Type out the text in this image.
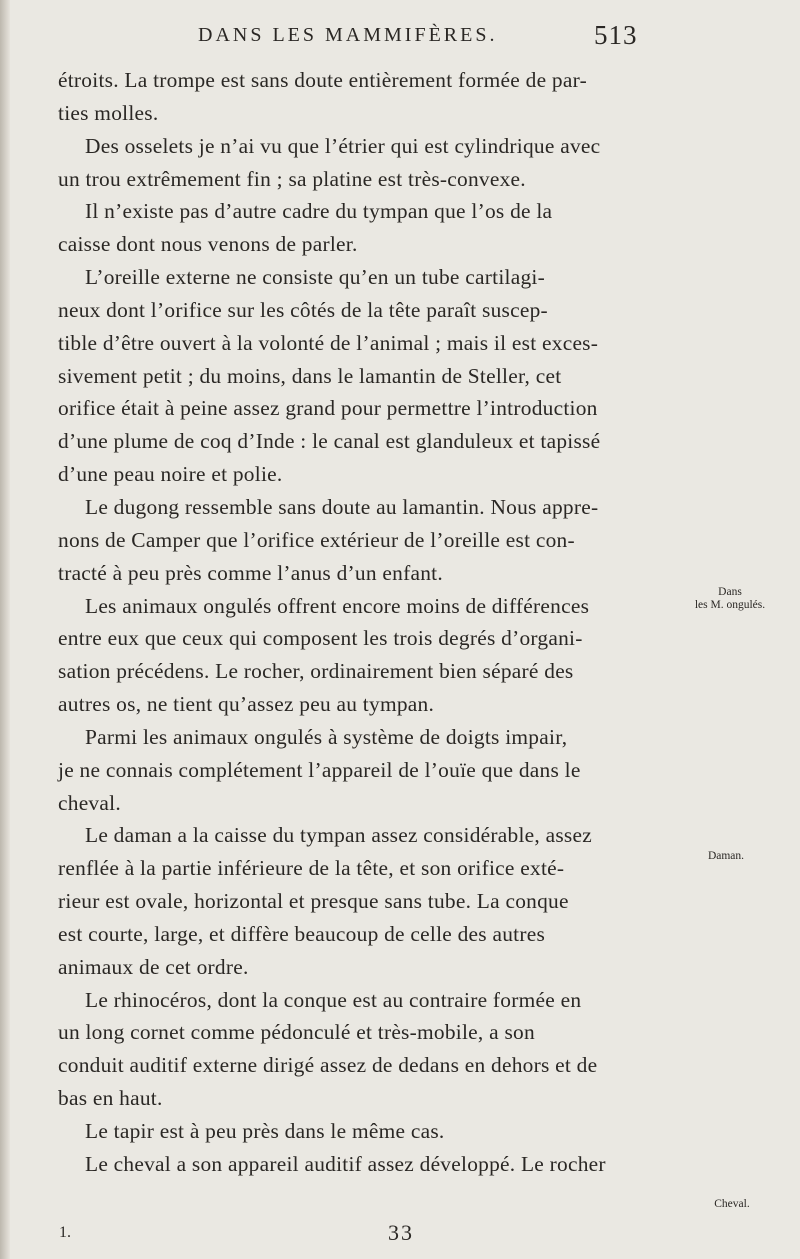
DANS LES MAMMIFÈRES.	513
étroits. La trompe est sans doute entièrement formée de par-
ties molles.
Des osselets je n’ai vu que l’étrier qui est cylindrique avec
un trou extrêmement fin ; sa platine est très-convexe.
Il n’existe pas d’autre cadre du tympan que l’os de la
caisse dont nous venons de parler.
L’oreille externe ne consiste qu’en un tube cartilagi-
neux dont l’orifice sur les côtés de la tête paraît suscep-
tible d’être ouvert à la volonté de l’animal ; mais il est exces-
sivement petit ; du moins, dans le lamantin de Steller, cet
orifice était à peine assez grand pour permettre l’introduction
d’une plume de coq d’Inde : le canal est glanduleux et tapissé
d’une peau noire et polie.
Le dugong ressemble sans doute au lamantin. Nous appre-
nons de Camper que l’orifice extérieur de l’oreille est con-
tracté à peu près comme l’anus d’un enfant.
Les animaux ongulés offrent encore moins de différences
entre eux que ceux qui composent les trois degrés d’organi-
sation précédens. Le rocher, ordinairement bien séparé des
autres os, ne tient qu’assez peu au tympan.
Parmi les animaux ongulés à système de doigts impair,
je ne connais complétement l’appareil de l’ouïe que dans le
cheval.
Le daman a la caisse du tympan assez considérable, assez
renflée à la partie inférieure de la tête, et son orifice exté-
rieur est ovale, horizontal et presque sans tube. La conque
est courte, large, et diffère beaucoup de celle des autres
animaux de cet ordre.
Le rhinocéros, dont la conque est au contraire formée en
un long cornet comme pédonculé et très-mobile, a son
conduit auditif externe dirigé assez de dedans en dehors et de
bas en haut.
Le tapir est à peu près dans le même cas.
Le cheval a son appareil auditif assez développé. Le rocher
Dans
les M. ongulés.
Daman.
Cheval.
1.	33
